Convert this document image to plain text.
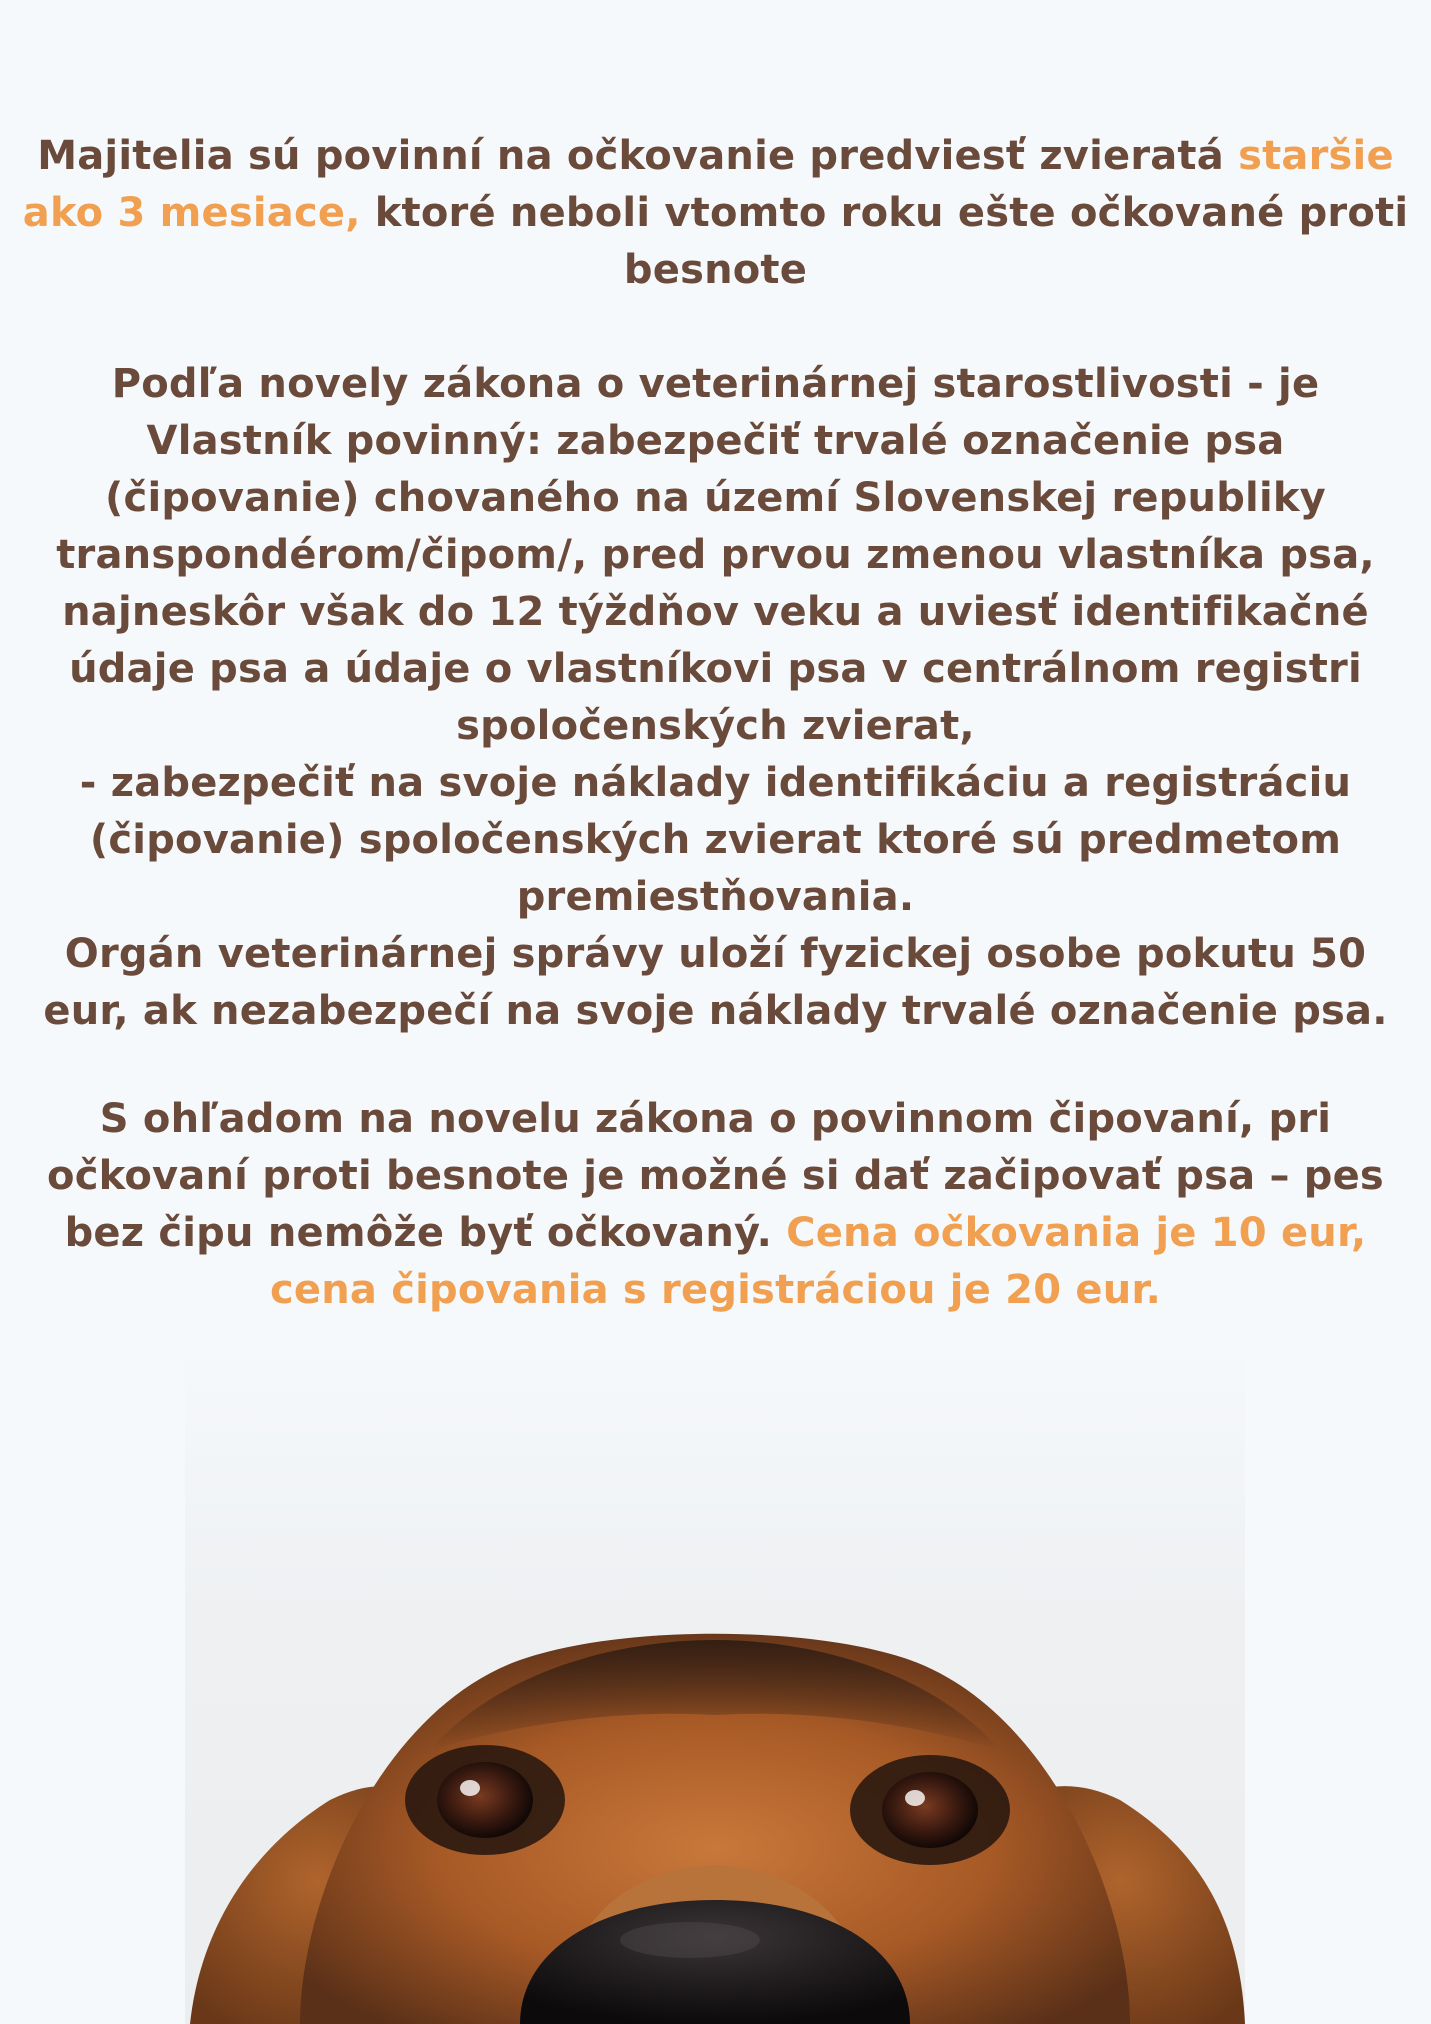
Majitelia sú povinní na očkovanie predviesť zvieratá staršie
ako 3 mesiace, ktoré neboli vtomto roku ešte očkované proti
besnote
Podľa novely zákona o veterinárnej starostlivosti - je
Vlastník povinný: zabezpečiť trvalé označenie psa
(čipovanie) chovaného na území Slovenskej republiky
transpondérom/čipom/, pred prvou zmenou vlastníka psa,
najneskôr však do 12 týždňov veku a uviesť identifikačné
údaje psa a údaje o vlastníkovi psa v centrálnom registri
spoločenských zvierat,
- zabezpečiť na svoje náklady identifikáciu a registráciu
(čipovanie) spoločenských zvierat ktoré sú predmetom
premiestňovania.
Orgán veterinárnej správy uloží fyzickej osobe pokutu 50
eur, ak nezabezpečí na svoje náklady trvalé označenie psa.
S ohľadom na novelu zákona o povinnom čipovaní, pri
očkovaní proti besnote je možné si dať začipovať psa – pes
bez čipu nemôže byť očkovaný. Cena očkovania je 10 eur,
cena čipovania s registráciou je 20 eur.
